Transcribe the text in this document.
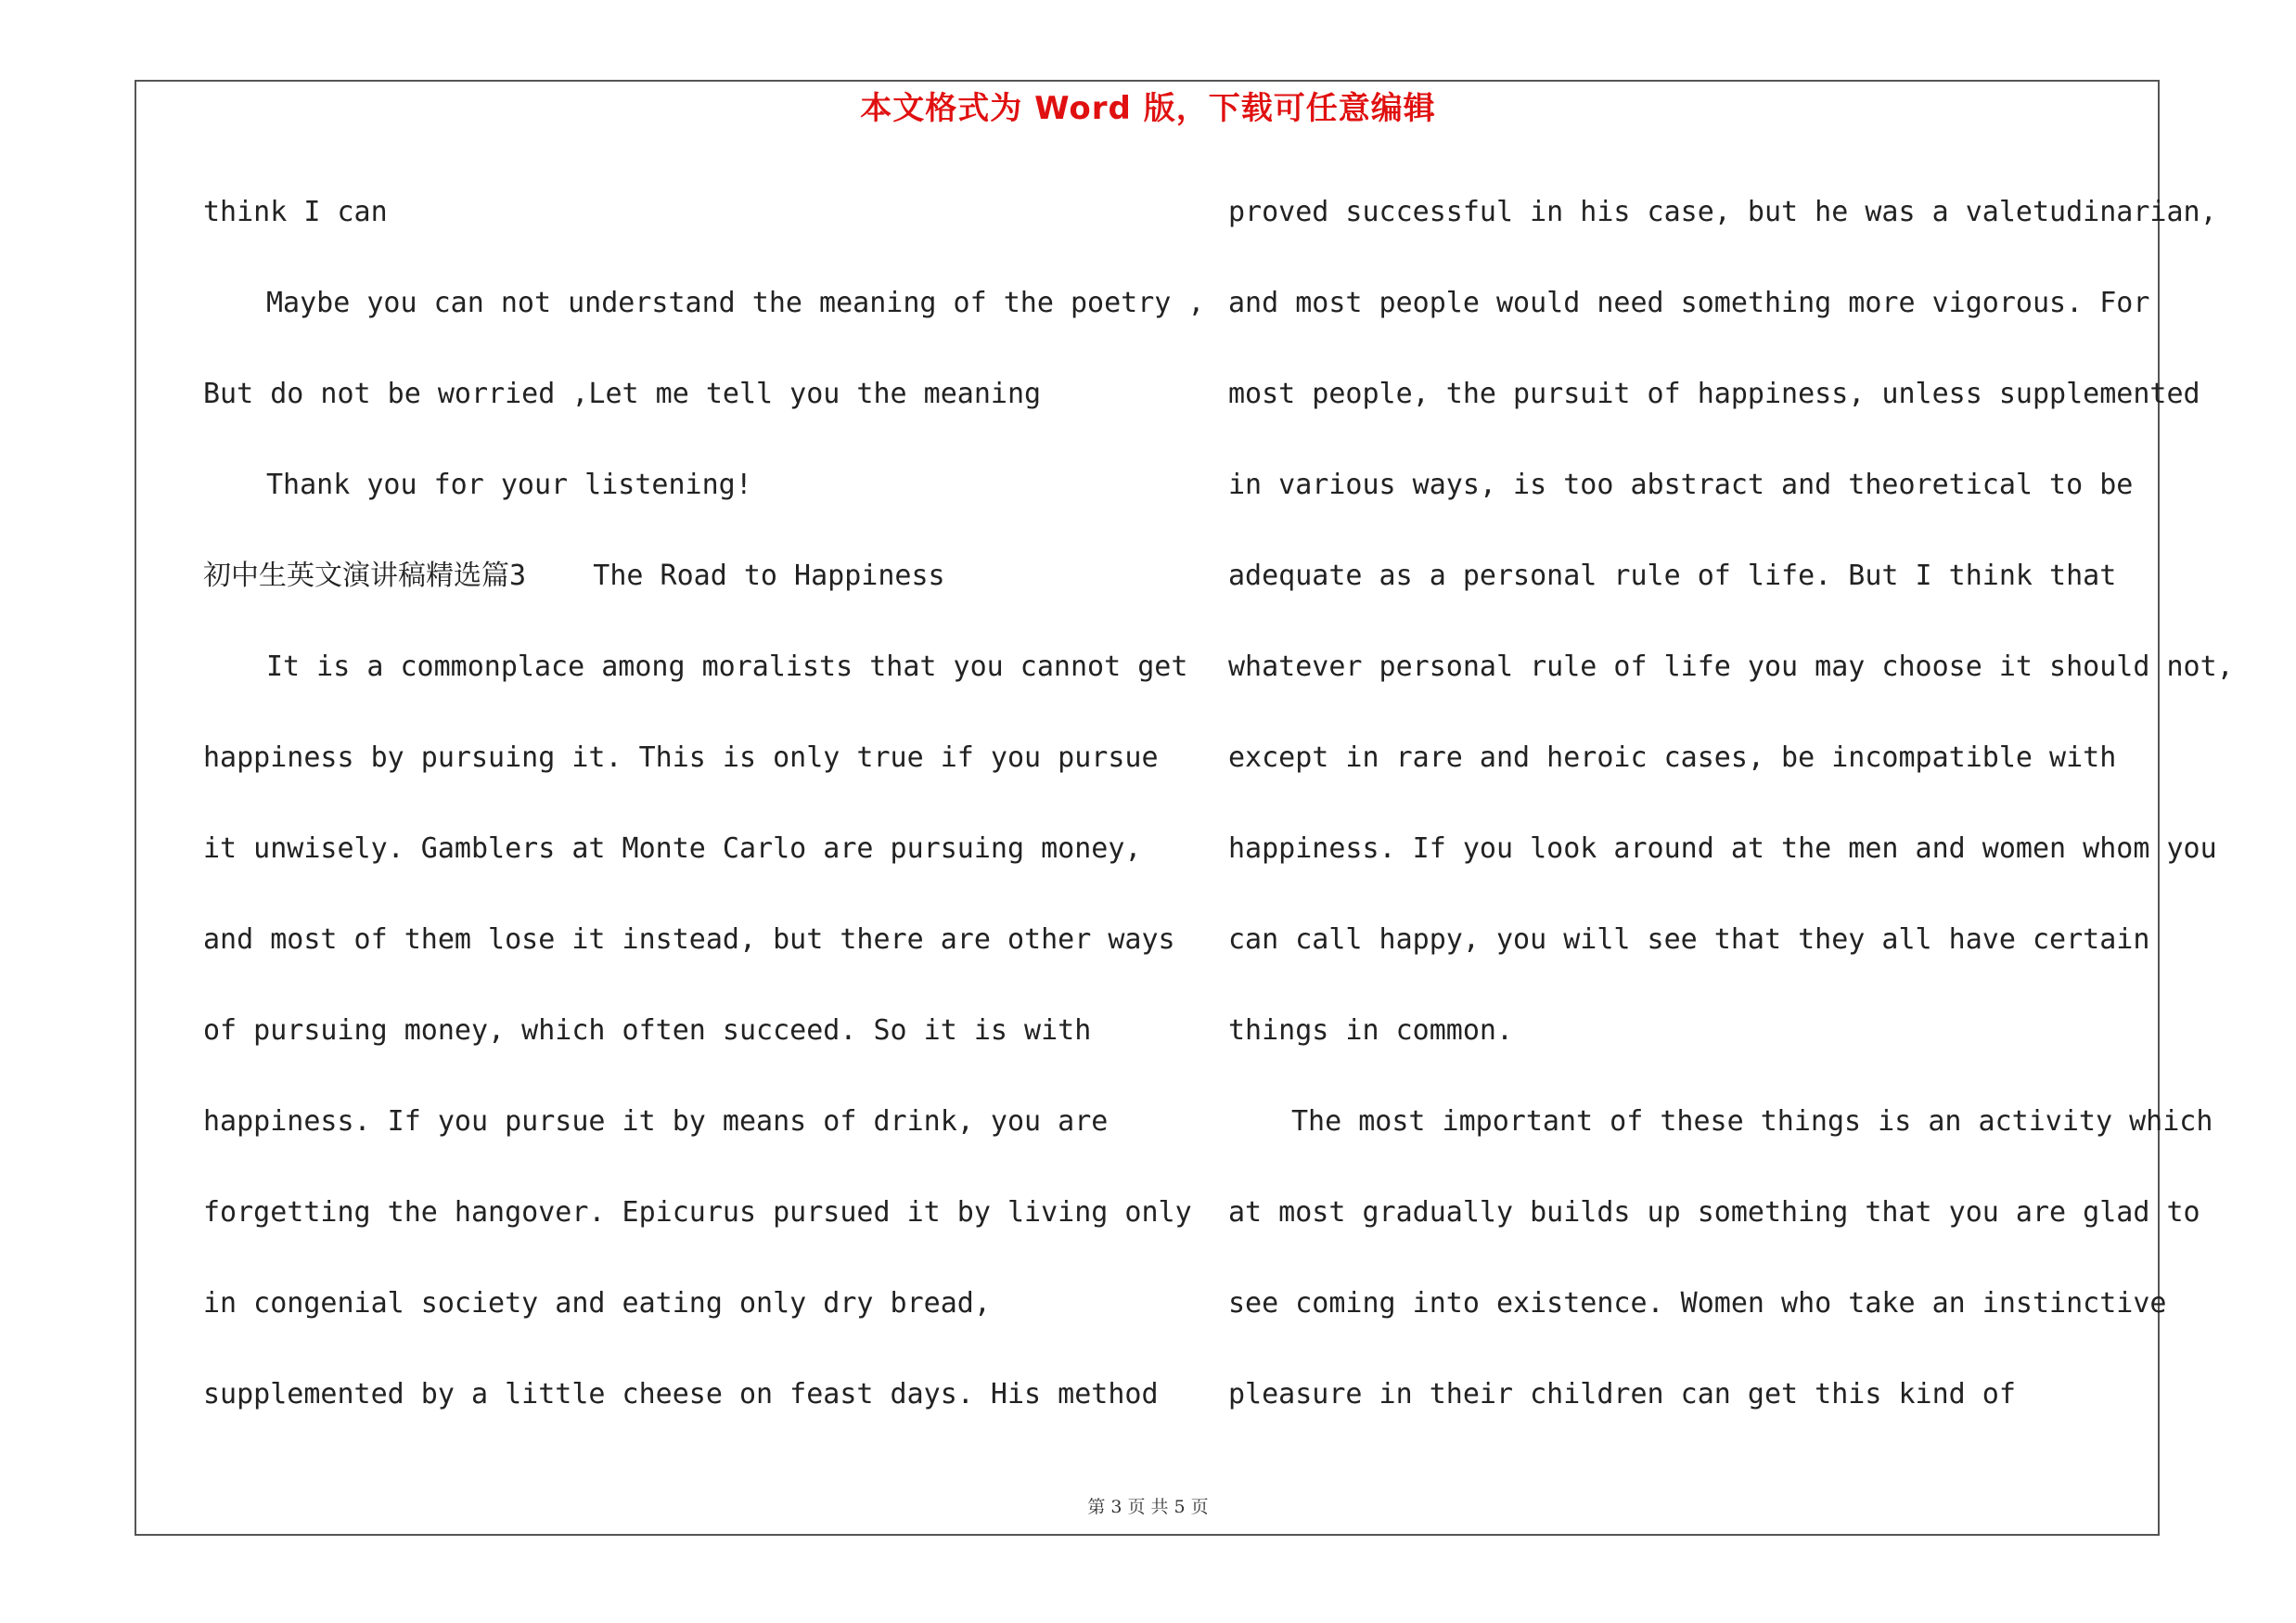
本文格式为 Word 版，下载可任意编辑
think I can
Maybe you can not understand the meaning of the poetry ,
But do not be worried ,Let me tell you the meaning
Thank you for your listening!
初中生英文演讲稿精选篇3    The Road to Happiness
It is a commonplace among moralists that you cannot get
happiness by pursuing it. This is only true if you pursue
it unwisely. Gamblers at Monte Carlo are pursuing money,
and most of them lose it instead, but there are other ways
of pursuing money, which often succeed. So it is with
happiness. If you pursue it by means of drink, you are
forgetting the hangover. Epicurus pursued it by living only
in congenial society and eating only dry bread,
supplemented by a little cheese on feast days. His method
proved successful in his case, but he was a valetudinarian,
and most people would need something more vigorous. For
most people, the pursuit of happiness, unless supplemented
in various ways, is too abstract and theoretical to be
adequate as a personal rule of life. But I think that
whatever personal rule of life you may choose it should not,
except in rare and heroic cases, be incompatible with
happiness. If you look around at the men and women whom you
can call happy, you will see that they all have certain
things in common.
The most important of these things is an activity which
at most gradually builds up something that you are glad to
see coming into existence. Women who take an instinctive
pleasure in their children can get this kind of
第 3 页 共 5 页
